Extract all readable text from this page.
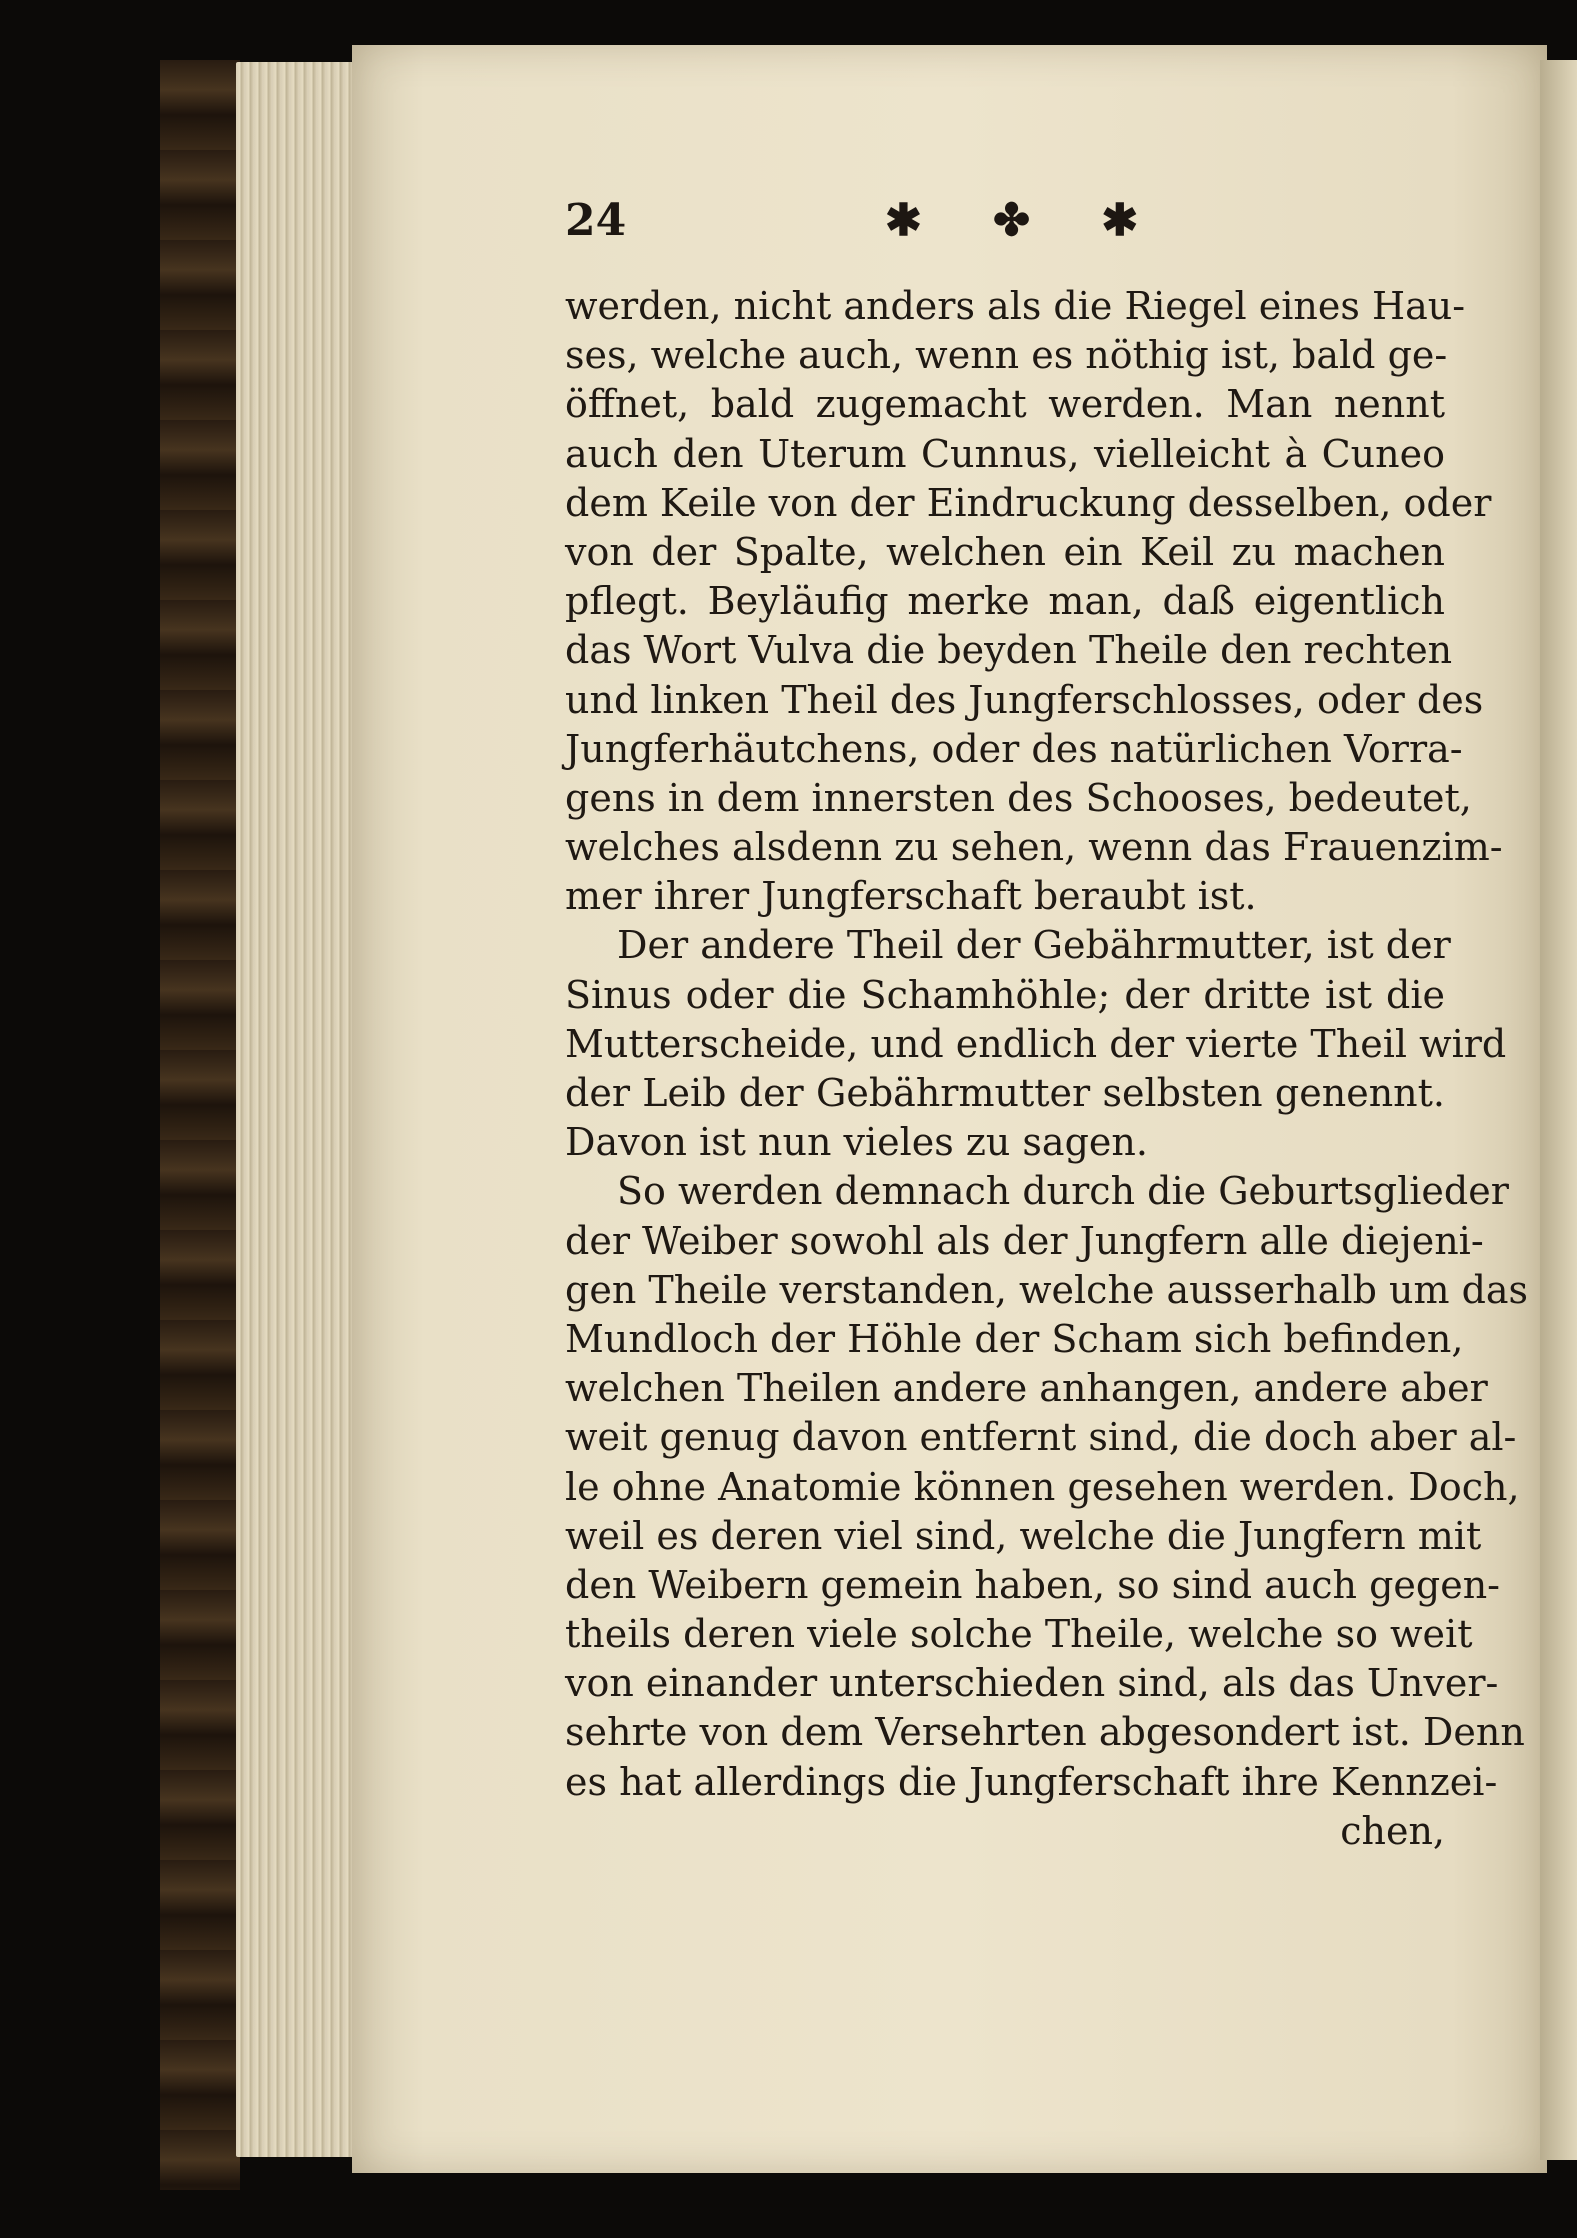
24	✱ ✤ ✱
werden, nicht anders als die Riegel eines Hau-
ses, welche auch, wenn es nöthig ist, bald ge-
öffnet, bald zugemacht werden. Man nennt
auch den Uterum Cunnus, vielleicht à Cuneo
dem Keile von der Eindruckung desselben, oder
von der Spalte, welchen ein Keil zu machen
pflegt. Beyläufig merke man, daß eigentlich
das Wort Vulva die beyden Theile den rechten
und linken Theil des Jungferschlosses, oder des
Jungferhäutchens, oder des natürlichen Vorra-
gens in dem innersten des Schooses, bedeutet,
welches alsdenn zu sehen, wenn das Frauenzim-
mer ihrer Jungferschaft beraubt ist.
Der andere Theil der Gebährmutter, ist der
Sinus oder die Schamhöhle; der dritte ist die
Mutterscheide, und endlich der vierte Theil wird
der Leib der Gebährmutter selbsten genennt.
Davon ist nun vieles zu sagen.
So werden demnach durch die Geburtsglieder
der Weiber sowohl als der Jungfern alle diejeni-
gen Theile verstanden, welche ausserhalb um das
Mundloch der Höhle der Scham sich befinden,
welchen Theilen andere anhangen, andere aber
weit genug davon entfernt sind, die doch aber al-
le ohne Anatomie können gesehen werden. Doch,
weil es deren viel sind, welche die Jungfern mit
den Weibern gemein haben, so sind auch gegen-
theils deren viele solche Theile, welche so weit
von einander unterschieden sind, als das Unver-
sehrte von dem Versehrten abgesondert ist. Denn
es hat allerdings die Jungferschaft ihre Kennzei-
chen,
